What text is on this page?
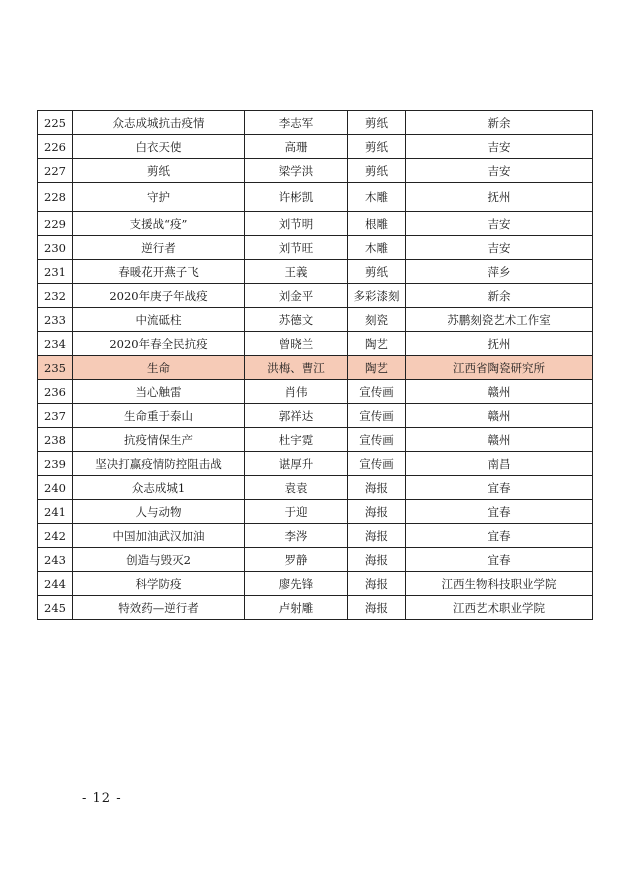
225	众志成城抗击疫情	李志军	剪纸	新余
226	白衣天使	高珊	剪纸	吉安
227	剪纸	梁学洪	剪纸	吉安
228	守护	许彬凯	木雕	抚州
229	支援战“疫”	刘节明	根雕	吉安
230	逆行者	刘节旺	木雕	吉安
231	春暖花开燕子飞	王義	剪纸	萍乡
232	2020年庚子年战疫	刘金平	多彩漆刻	新余
233	中流砥柱	苏德文	刻瓷	苏鹏刻瓷艺术工作室
234	2020年春全民抗疫	曾晓兰	陶艺	抚州
235	生命	洪梅、曹江	陶艺	江西省陶瓷研究所
236	当心触雷	肖伟	宣传画	赣州
237	生命重于泰山	郭祥达	宣传画	赣州
238	抗疫情保生产	杜宇霓	宣传画	赣州
239	坚决打赢疫情防控阻击战	谌厚升	宣传画	南昌
240	众志成城1	袁袁	海报	宜春
241	人与动物	于迎	海报	宜春
242	中国加油武汉加油	李涔	海报	宜春
243	创造与毁灭2	罗静	海报	宜春
244	科学防疫	廖先锋	海报	江西生物科技职业学院
245	特效药—逆行者	卢射雕	海报	江西艺术职业学院
- 12 -
